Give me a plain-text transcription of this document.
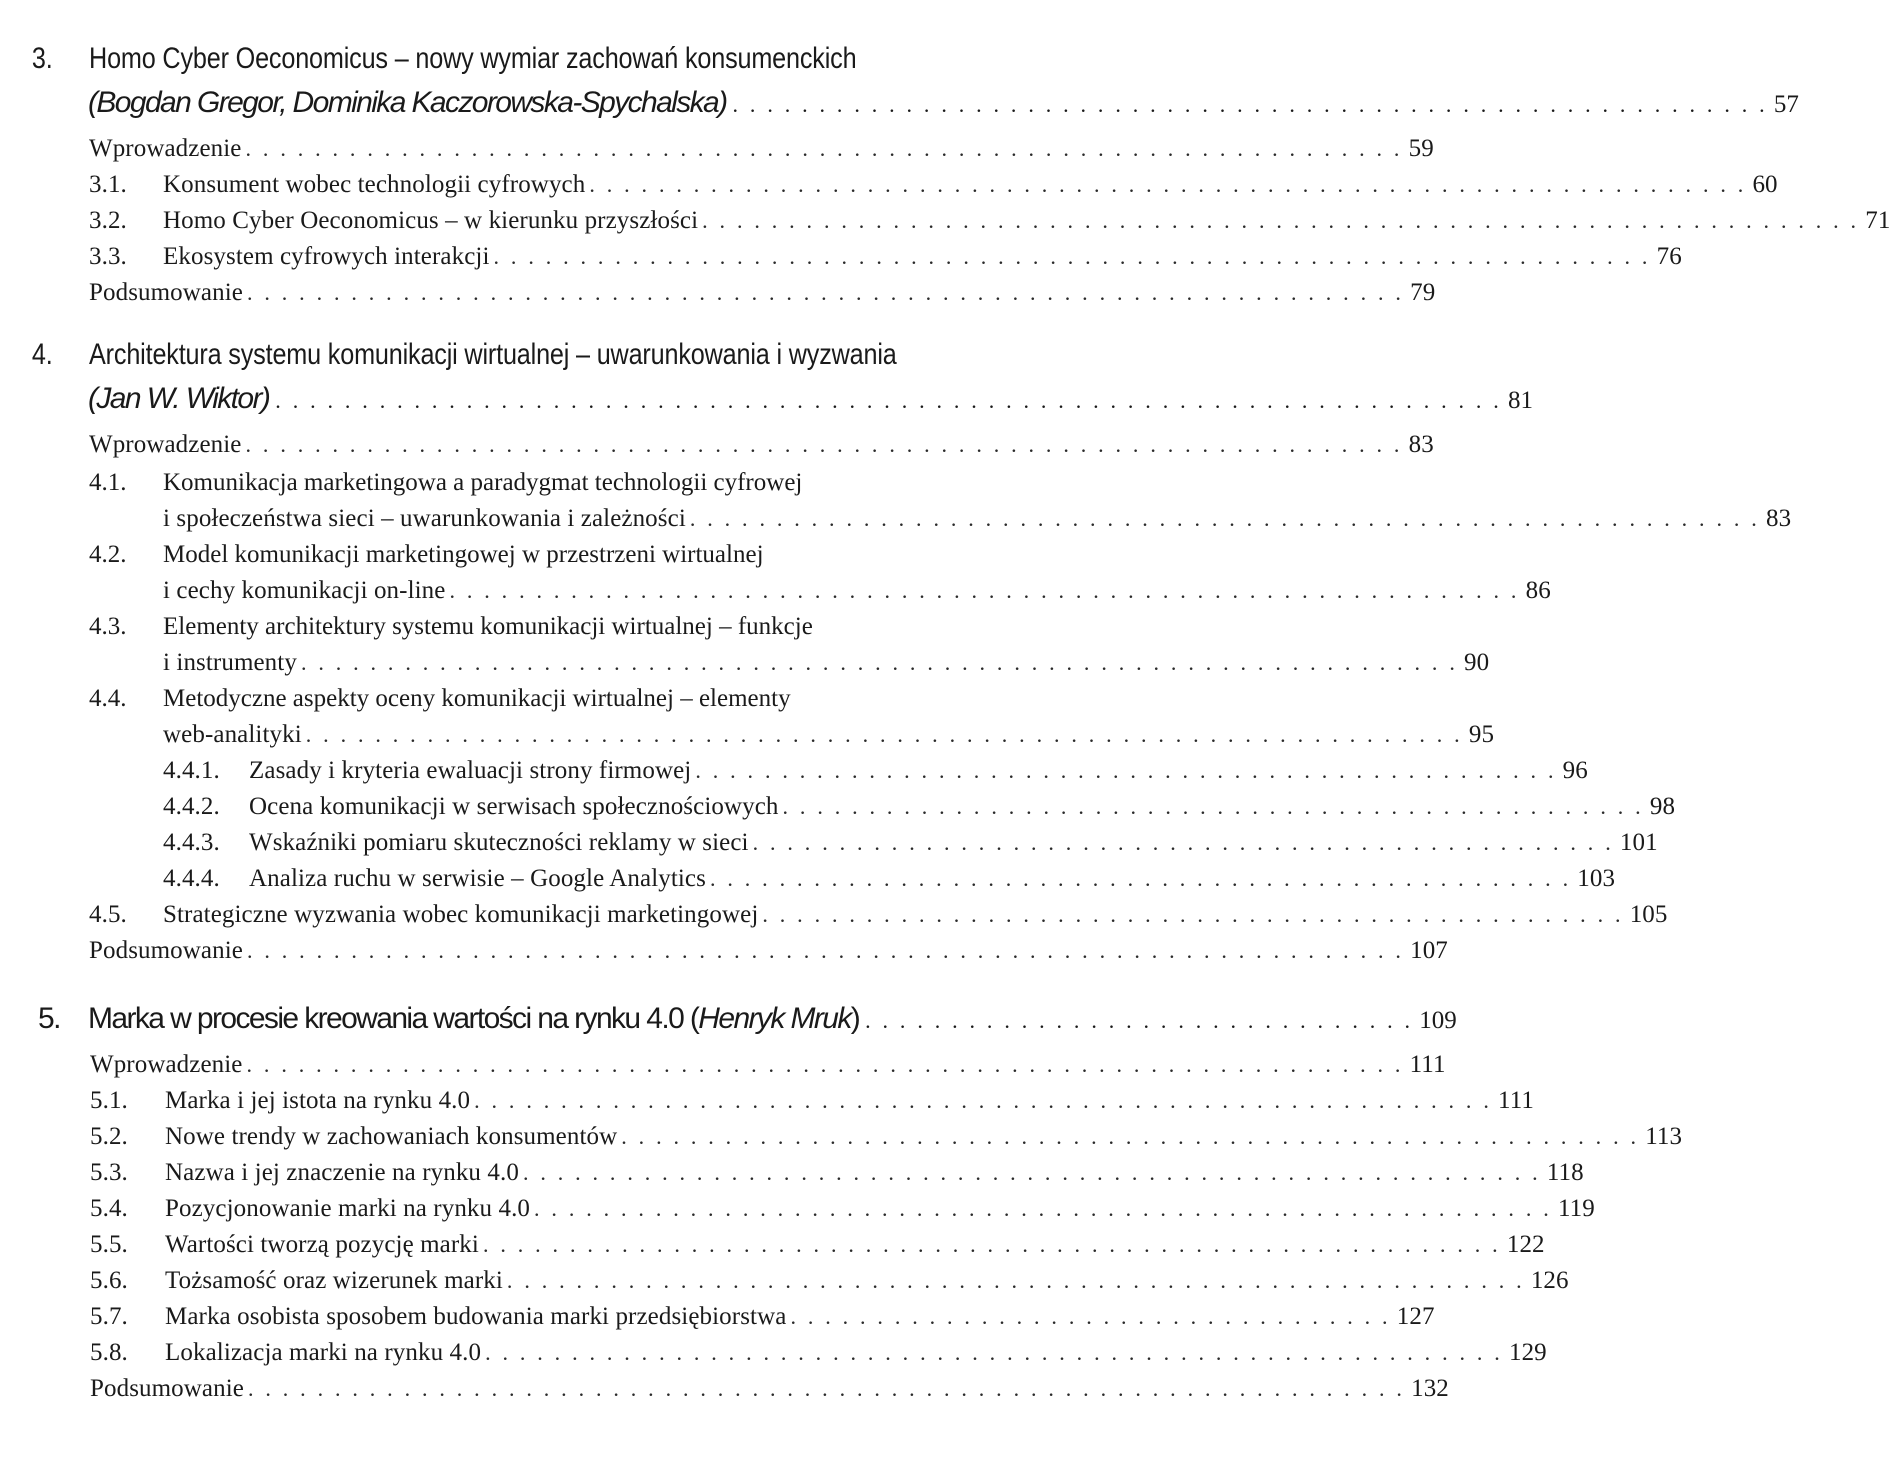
3. Homo Cyber Oeconomicus – nowy wymiar zachowań konsumenckich
(Bogdan Gregor, Dominika Kaczorowska-Spychalska) . . . . . . . . . . . . . . . . . . . . . . . . . . . . . . . . . . . . . . . . . . . . . . . . . . . . . . . . . . . . 57
Wprowadzenie . . . . . . . . . . . . . . . . . . . . . . . . . . . . . . . . . . . . . . . . . . . . . . . . . . . . . . . . . . . . . . . . . . . 59
3.1.	Konsument wobec technologii cyfrowych . . . . . . . . . . . . . . . . . . . . . . . . . . . . . . . . . . . . . . . . . . . . . . . . . . . . . . . . . . . . . . . . . . . 60
3.2.	Homo Cyber Oeconomicus – w kierunku przyszłości . . . . . . . . . . . . . . . . . . . . . . . . . . . . . . . . . . . . . . . . . . . . . . . . . . . . . . . . . . . . . . . . . . . 71
3.3.	Ekosystem cyfrowych interakcji . . . . . . . . . . . . . . . . . . . . . . . . . . . . . . . . . . . . . . . . . . . . . . . . . . . . . . . . . . . . . . . . . . . 76
Podsumowanie . . . . . . . . . . . . . . . . . . . . . . . . . . . . . . . . . . . . . . . . . . . . . . . . . . . . . . . . . . . . . . . . . . . 79
4. Architektura systemu komunikacji wirtualnej – uwarunkowania i wyzwania
(Jan W. Wiktor) . . . . . . . . . . . . . . . . . . . . . . . . . . . . . . . . . . . . . . . . . . . . . . . . . . . . . . . . . . . . . . . . . . . . . . . 81
Wprowadzenie . . . . . . . . . . . . . . . . . . . . . . . . . . . . . . . . . . . . . . . . . . . . . . . . . . . . . . . . . . . . . . . . . . . 83
4.1. Komunikacja marketingowa a paradygmat technologii cyfrowej
i społeczeństwa sieci – uwarunkowania i zależności . . . . . . . . . . . . . . . . . . . . . . . . . . . . . . . . . . . . . . . . . . . . . . . . . . . . . . . . . . . . . . 83
4.2. Model komunikacji marketingowej w przestrzeni wirtualnej
i cechy komunikacji on-line . . . . . . . . . . . . . . . . . . . . . . . . . . . . . . . . . . . . . . . . . . . . . . . . . . . . . . . . . . . . . . 86
4.3. Elementy architektury systemu komunikacji wirtualnej – funkcje
i instrumenty . . . . . . . . . . . . . . . . . . . . . . . . . . . . . . . . . . . . . . . . . . . . . . . . . . . . . . . . . . . . . . . . . . . 90
4.4. Metodyczne aspekty oceny komunikacji wirtualnej – elementy
web-analityki . . . . . . . . . . . . . . . . . . . . . . . . . . . . . . . . . . . . . . . . . . . . . . . . . . . . . . . . . . . . . . . . . . . 95
4.4.1.	Zasady i kryteria ewaluacji strony firmowej . . . . . . . . . . . . . . . . . . . . . . . . . . . . . . . . . . . . . . . . . . . . . . . . . . 96
4.4.2.	Ocena komunikacji w serwisach społecznościowych . . . . . . . . . . . . . . . . . . . . . . . . . . . . . . . . . . . . . . . . . . . . . . . . . . 98
4.4.3.	Wskaźniki pomiaru skuteczności reklamy w sieci . . . . . . . . . . . . . . . . . . . . . . . . . . . . . . . . . . . . . . . . . . . . . . . . . . 101
4.4.4.	Analiza ruchu w serwisie – Google Analytics . . . . . . . . . . . . . . . . . . . . . . . . . . . . . . . . . . . . . . . . . . . . . . . . . . 103
4.5.	Strategiczne wyzwania wobec komunikacji marketingowej . . . . . . . . . . . . . . . . . . . . . . . . . . . . . . . . . . . . . . . . . . . . . . . . . . 105
Podsumowanie . . . . . . . . . . . . . . . . . . . . . . . . . . . . . . . . . . . . . . . . . . . . . . . . . . . . . . . . . . . . . . . . . . . 107
5. Marka w procesie kreowania wartości na rynku 4.0 (Henryk Mruk) . . . . . . . . . . . . . . . . . . . . . . . . . . . . . . . . 109
Wprowadzenie . . . . . . . . . . . . . . . . . . . . . . . . . . . . . . . . . . . . . . . . . . . . . . . . . . . . . . . . . . . . . . . . . . . 111
5.1.	Marka i jej istota na rynku 4.0 . . . . . . . . . . . . . . . . . . . . . . . . . . . . . . . . . . . . . . . . . . . . . . . . . . . . . . . . . . . 111
5.2.	Nowe trendy w zachowaniach konsumentów . . . . . . . . . . . . . . . . . . . . . . . . . . . . . . . . . . . . . . . . . . . . . . . . . . . . . . . . . . . 113
5.3.	Nazwa i jej znaczenie na rynku 4.0 . . . . . . . . . . . . . . . . . . . . . . . . . . . . . . . . . . . . . . . . . . . . . . . . . . . . . . . . . . . 118
5.4.	Pozycjonowanie marki na rynku 4.0 . . . . . . . . . . . . . . . . . . . . . . . . . . . . . . . . . . . . . . . . . . . . . . . . . . . . . . . . . . . 119
5.5.	Wartości tworzą pozycję marki . . . . . . . . . . . . . . . . . . . . . . . . . . . . . . . . . . . . . . . . . . . . . . . . . . . . . . . . . . . 122
5.6.	Tożsamość oraz wizerunek marki . . . . . . . . . . . . . . . . . . . . . . . . . . . . . . . . . . . . . . . . . . . . . . . . . . . . . . . . . . . 126
5.7.	Marka osobista sposobem budowania marki przedsiębiorstwa . . . . . . . . . . . . . . . . . . . . . . . . . . . . . . . . . . . 127
5.8.	Lokalizacja marki na rynku 4.0 . . . . . . . . . . . . . . . . . . . . . . . . . . . . . . . . . . . . . . . . . . . . . . . . . . . . . . . . . . . 129
Podsumowanie . . . . . . . . . . . . . . . . . . . . . . . . . . . . . . . . . . . . . . . . . . . . . . . . . . . . . . . . . . . . . . . . . . . 132
